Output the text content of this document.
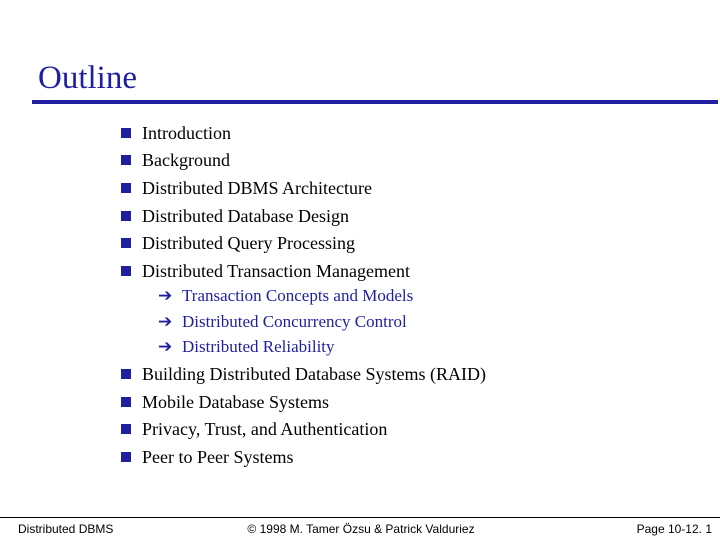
Outline
Introduction
Background
Distributed DBMS Architecture
Distributed Database Design
Distributed Query Processing
Distributed Transaction Management
➔ Transaction Concepts and Models
➔ Distributed Concurrency Control
➔ Distributed Reliability
Building Distributed Database Systems (RAID)
Mobile Database Systems
Privacy, Trust, and Authentication
Peer to Peer Systems
Distributed DBMS	© 1998 M. Tamer Özsu & Patrick Valduriez	Page 10-12. 1
